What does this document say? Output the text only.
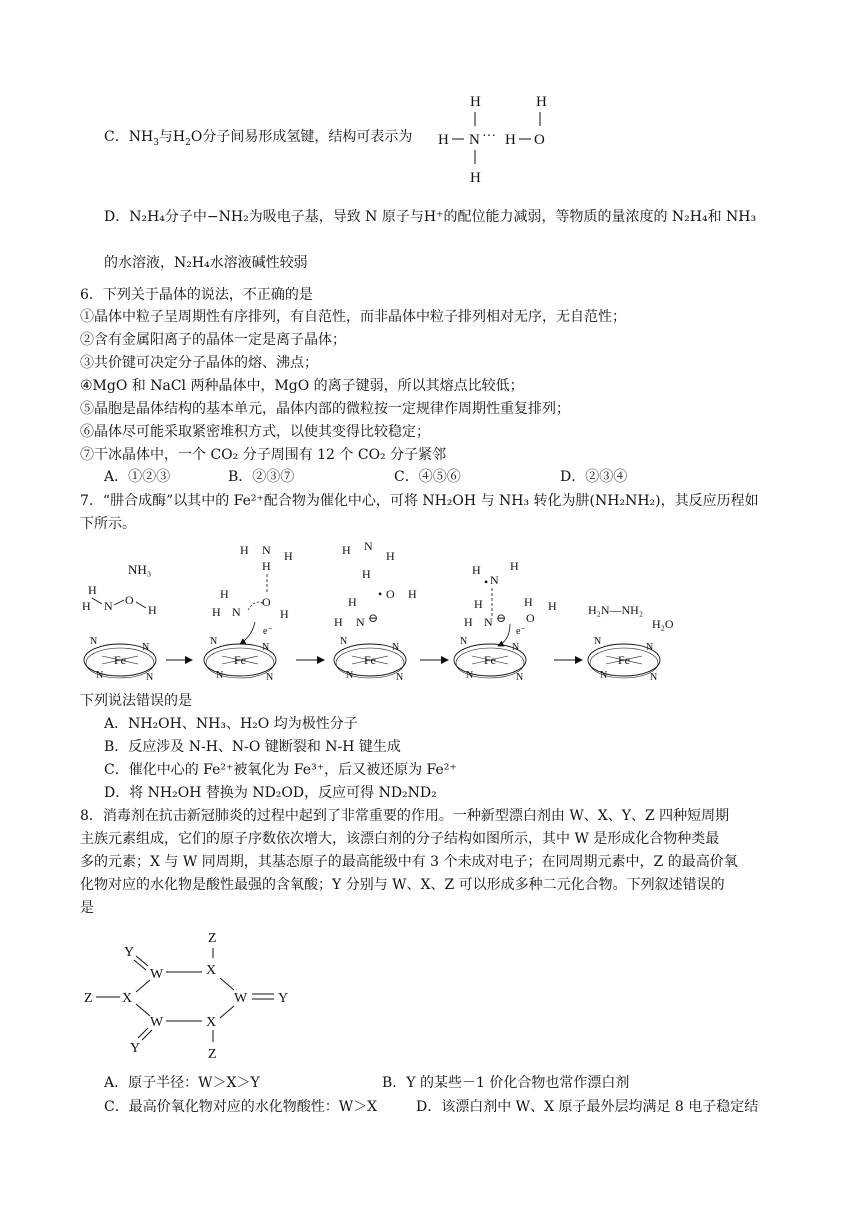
C．$NH_3$与$H_2O$分子间易形成氢键，结构可表示为
H
H N ··· H O
H
H
D．N₂H₄分子中−NH₂为吸电子基，导致 N 原子与H⁺的配位能力减弱，等物质的量浓度的 N₂H₄和 NH₃
的水溶液，N₂H₄水溶液碱性较弱
6．下列关于晶体的说法，不正确的是
①晶体中粒子呈周期性有序排列，有自范性，而非晶体中粒子排列相对无序，无自范性；
②含有金属阳离子的晶体一定是离子晶体；
③共价键可决定分子晶体的熔、沸点；
④MgO 和 NaCl 两种晶体中，MgO 的离子键弱，所以其熔点比较低；
⑤晶胞是晶体结构的基本单元，晶体内部的微粒按一定规律作周期性重复排列；
⑥晶体尽可能采取紧密堆积方式，以使其变得比较稳定；
⑦干冰晶体中，一个 CO₂ 分子周围有 12 个 CO₂ 分子紧邻
A．①②③	B．②③⑦	C．④⑤⑥	D．②③④
7．“肼合成酶”以其中的 Fe²⁺配合物为催化中心，可将 NH₂OH 与 NH₃ 转化为肼(NH₂NH₂)，其反应历程如
下所示。
NH₃
H
H N O
H
Fe
N
N
N	N
H N H
H
O
H
H N	H
e⁻
Fe
N
N
N	N
H N
H
H
• O H
H
H N ⊖
Fe
N
N
N	N
H
• N
H
H	H
O
H
H N ⊖
e⁻
Fe
N
N
N	N
H₂N—NH₂
H₂O
Fe
N
N
N	N
下列说法错误的是
A．NH₂OH、NH₃、H₂O 均为极性分子
B．反应涉及 N-H、N-O 键断裂和 N-H 键生成
C．催化中心的 Fe²⁺被氧化为 Fe³⁺，后又被还原为 Fe²⁺
D．将 NH₂OH 替换为 ND₂OD，反应可得 ND₂ND₂
8．消毒剂在抗击新冠肺炎的过程中起到了非常重要的作用。一种新型漂白剂由 W、X、Y、Z 四种短周期
主族元素组成，它们的原子序数依次增大，该漂白剂的分子结构如图所示，其中 W 是形成化合物种类最
多的元素；X 与 W 同周期，其基态原子的最高能级中有 3 个未成对电子；在同周期元素中，Z 的最高价氧
化物对应的水化物是酸性最强的含氧酸；Y 分别与 W、X、Z 可以形成多种二元化合物。下列叙述错误的
是
Z
X
Y
W
Z X	W Y
W	X
Y	Z
A．原子半径：W＞X＞Y	B．Y 的某些－1 价化合物也常作漂白剂
C．最高价氧化物对应的水化物酸性：W＞X	D．该漂白剂中 W、X 原子最外层均满足 8 电子稳定结
